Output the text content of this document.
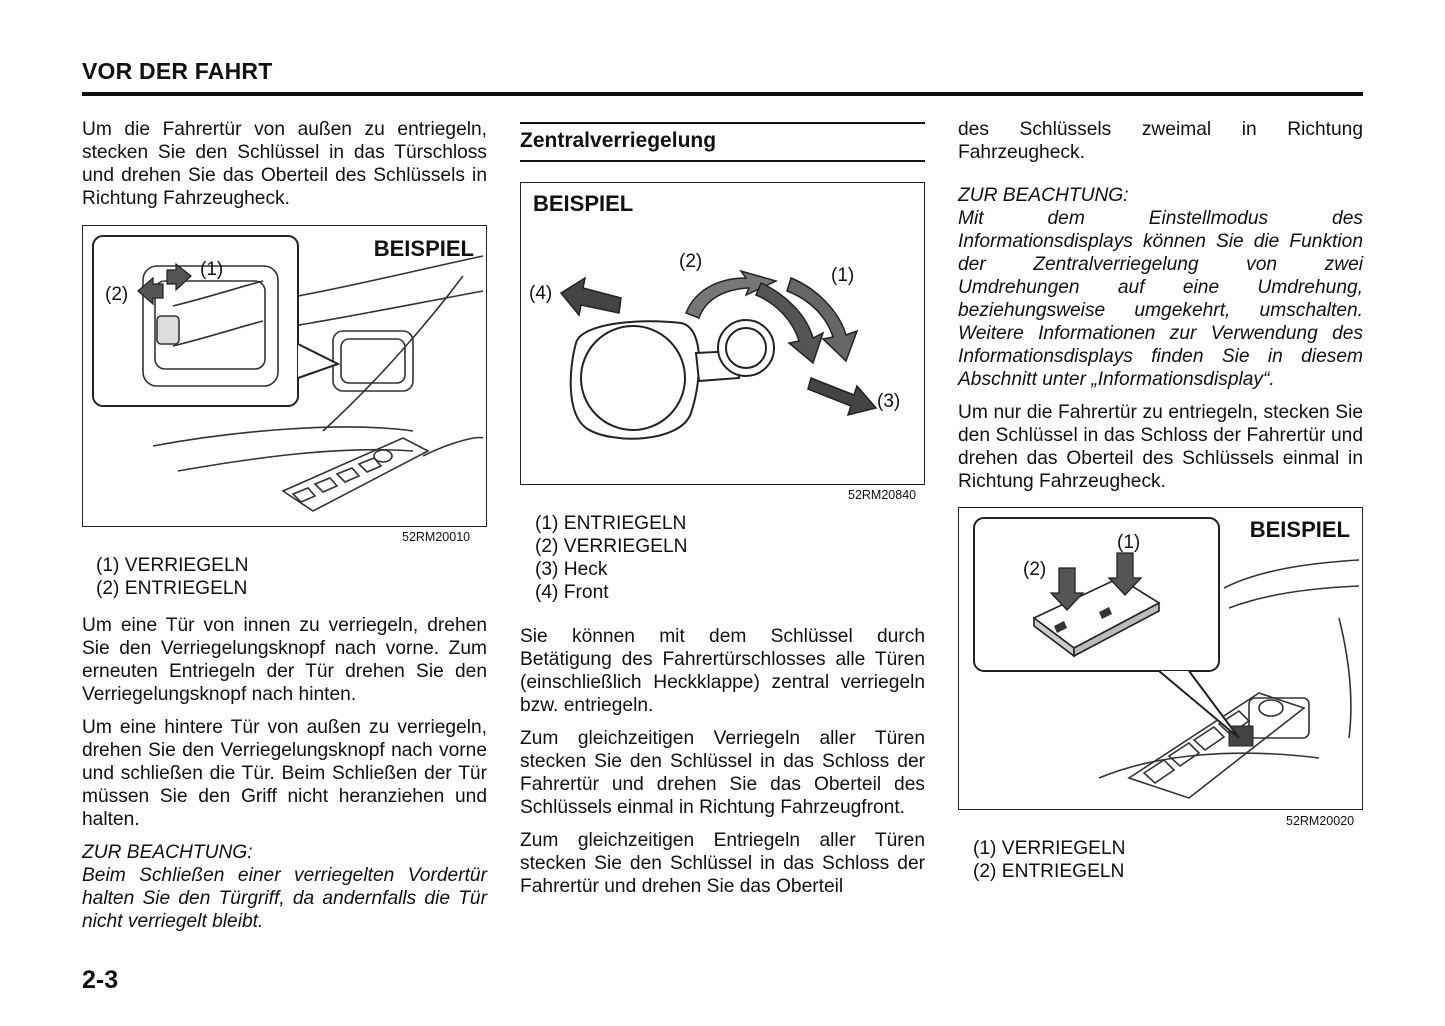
VOR DER FAHRT

Um die Fahrertür von außen zu entriegeln, stecken Sie den Schlüssel in das Türschloss und drehen Sie das Oberteil des Schlüssels in Richtung Fahrzeugheck.

(1)
(2)
BEISPIEL
52RM20010
(1) VERRIEGELN
(2) ENTRIEGELN

Um eine Tür von innen zu verriegeln, drehen Sie den Verriegelungsknopf nach vorne. Zum erneuten Entriegeln der Tür drehen Sie den Verriegelungsknopf nach hinten.

Um eine hintere Tür von außen zu verriegeln, drehen Sie den Verriegelungsknopf nach vorne und schließen die Tür. Beim Schließen der Tür müssen Sie den Griff nicht heranziehen und halten.

ZUR BEACHTUNG:

Beim Schließen einer verriegelten Vordertür halten Sie den Türgriff, da andernfalls die Tür nicht verriegelt bleibt.

Zentralverriegelung
BEISPIEL
(2)
(1)
(4)
(3)
52RM20840
(1) ENTRIEGELN
(2) VERRIEGELN
(3) Heck
(4) Front

Sie können mit dem Schlüssel durch Betätigung des Fahrertürschlosses alle Türen (einschließlich Heckklappe) zentral verriegeln bzw. entriegeln.

Zum gleichzeitigen Verriegeln aller Türen stecken Sie den Schlüssel in das Schloss der Fahrertür und drehen Sie das Oberteil des Schlüssels einmal in Richtung Fahrzeugfront.

Zum gleichzeitigen Entriegeln aller Türen stecken Sie den Schlüssel in das Schloss der Fahrertür und drehen Sie das Oberteil

des Schlüssels zweimal in Richtung Fahrzeugheck.

ZUR BEACHTUNG:

Mit dem Einstellmodus des Informationsdisplays können Sie die Funktion der Zentralverriegelung von zwei Umdrehungen auf eine Umdrehung, beziehungsweise umgekehrt, umschalten. Weitere Informationen zur Verwendung des Informationsdisplays finden Sie in diesem Abschnitt unter „Informationsdisplay“.

Um nur die Fahrertür zu entriegeln, stecken Sie den Schlüssel in das Schloss der Fahrertür und drehen das Oberteil des Schlüssels einmal in Richtung Fahrzeugheck.

(1)
(2)
BEISPIEL
52RM20020
(1) VERRIEGELN
(2) ENTRIEGELN
2-3
